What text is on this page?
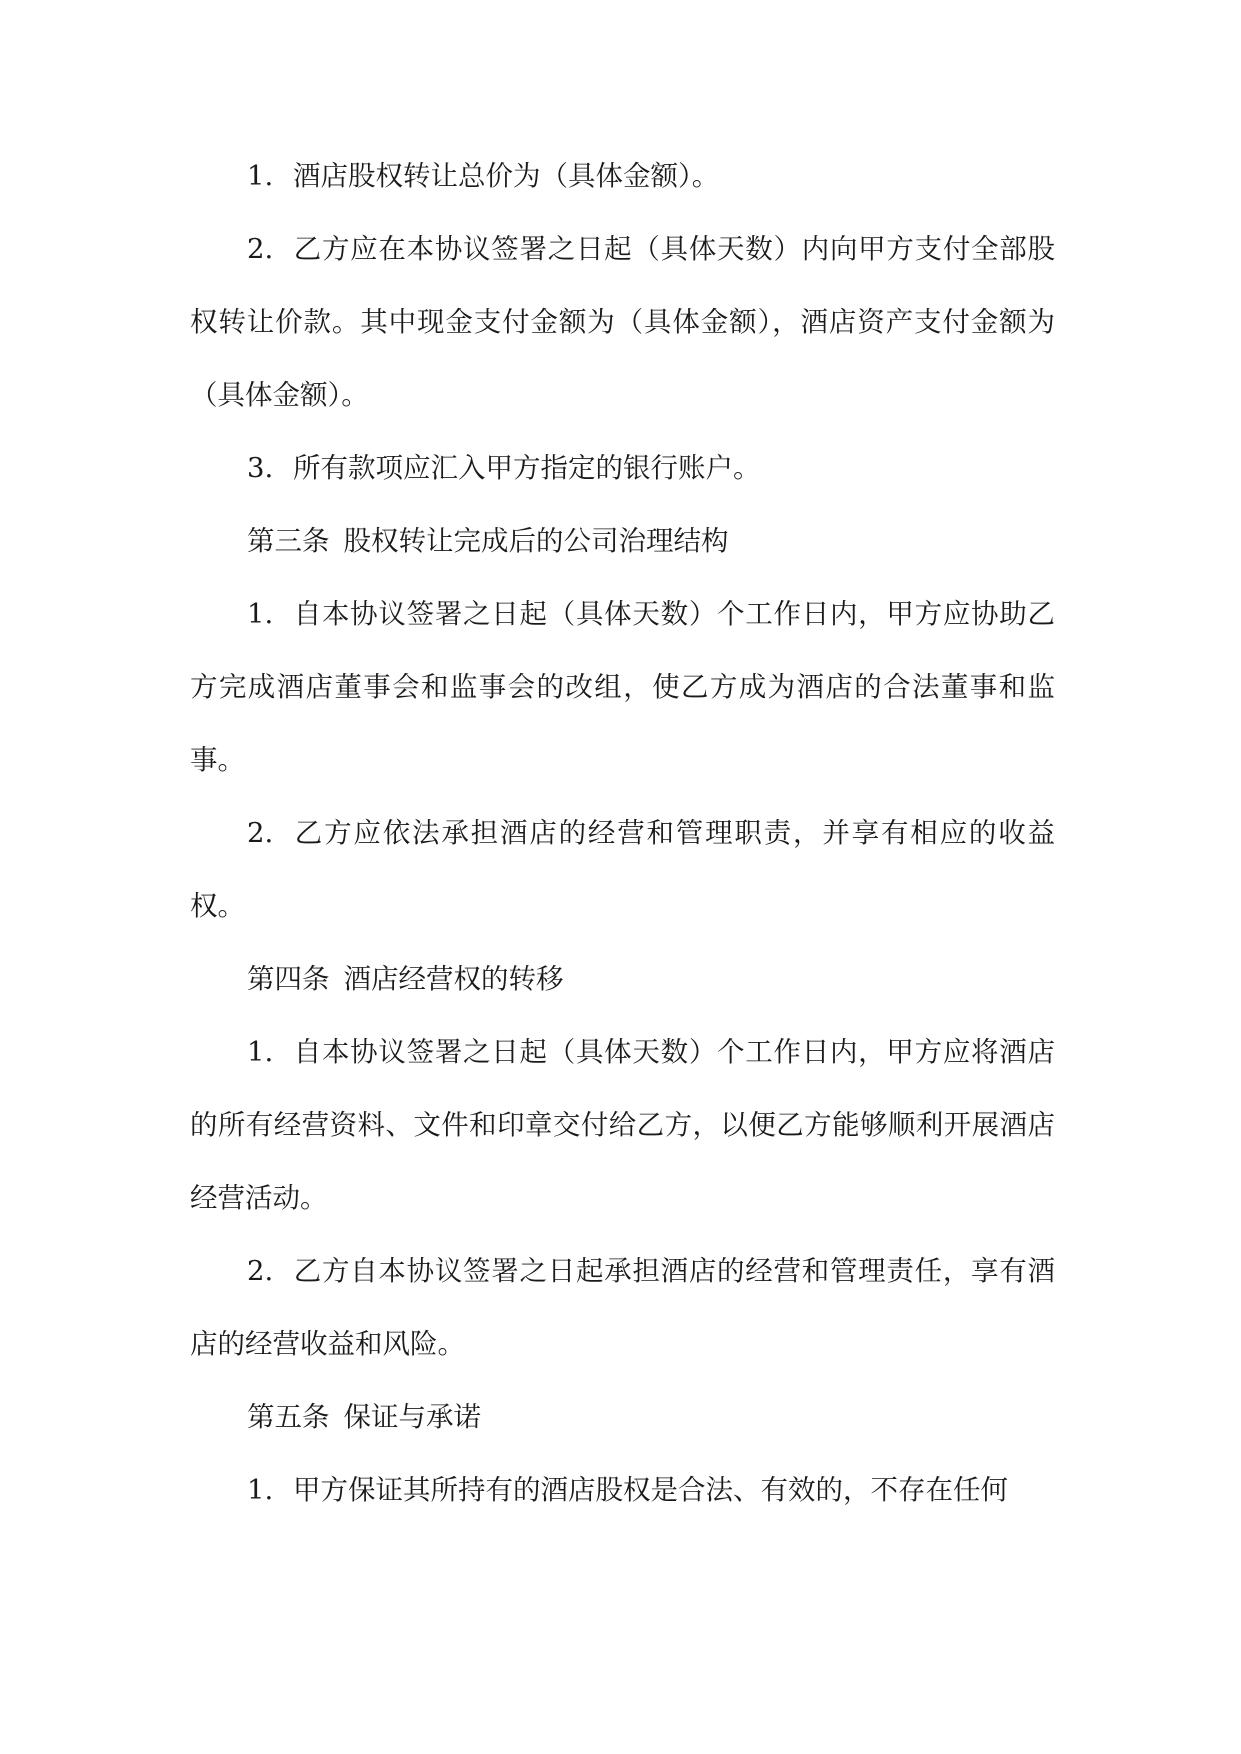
1. 酒店股权转让总价为（具体金额）。

2. 乙方应在本协议签署之日起（具体天数）内向甲方支付全部股权转让价款。其中现金支付金额为（具体金额），酒店资产支付金额为（具体金额）。

3. 所有款项应汇入甲方指定的银行账户。

第三条 股权转让完成后的公司治理结构

1. 自本协议签署之日起（具体天数）个工作日内，甲方应协助乙方完成酒店董事会和监事会的改组，使乙方成为酒店的合法董事和监事。

2. 乙方应依法承担酒店的经营和管理职责，并享有相应的收益权。

第四条 酒店经营权的转移

1. 自本协议签署之日起（具体天数）个工作日内，甲方应将酒店的所有经营资料、文件和印章交付给乙方，以便乙方能够顺利开展酒店经营活动。

2. 乙方自本协议签署之日起承担酒店的经营和管理责任，享有酒店的经营收益和风险。

第五条 保证与承诺

1. 甲方保证其所持有的酒店股权是合法、有效的，不存在任何
